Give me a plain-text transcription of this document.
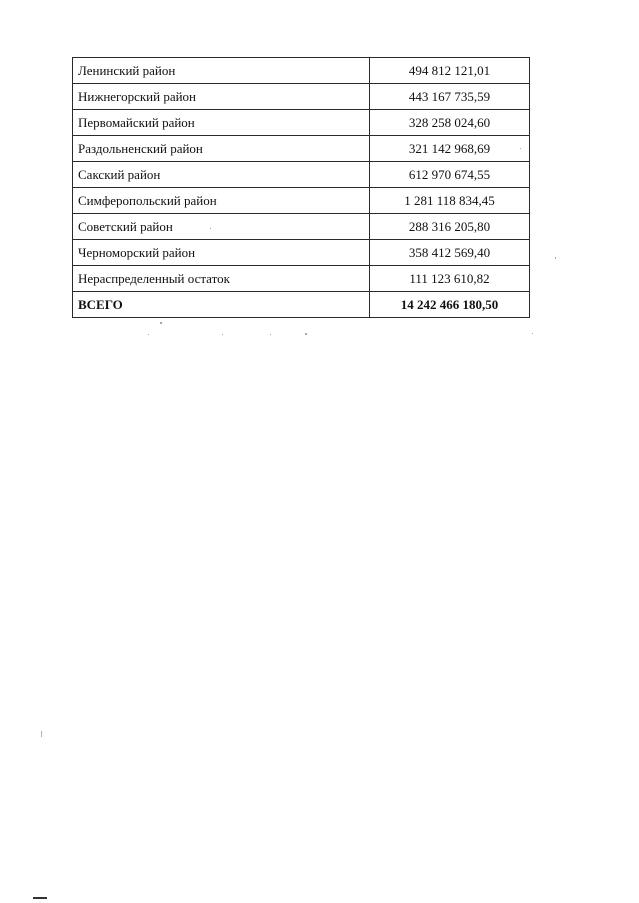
Ленинский район	494 812 121,01
Нижнегорский район	443 167 735,59
Первомайский район	328 258 024,60
Раздольненский район	321 142 968,69
Сакский район	612 970 674,55
Симферопольский район	1 281 118 834,45
Советский район	288 316 205,80
Черноморский район	358 412 569,40
Нераспределенный остаток	111 123 610,82
ВСЕГО	14 242 466 180,50
